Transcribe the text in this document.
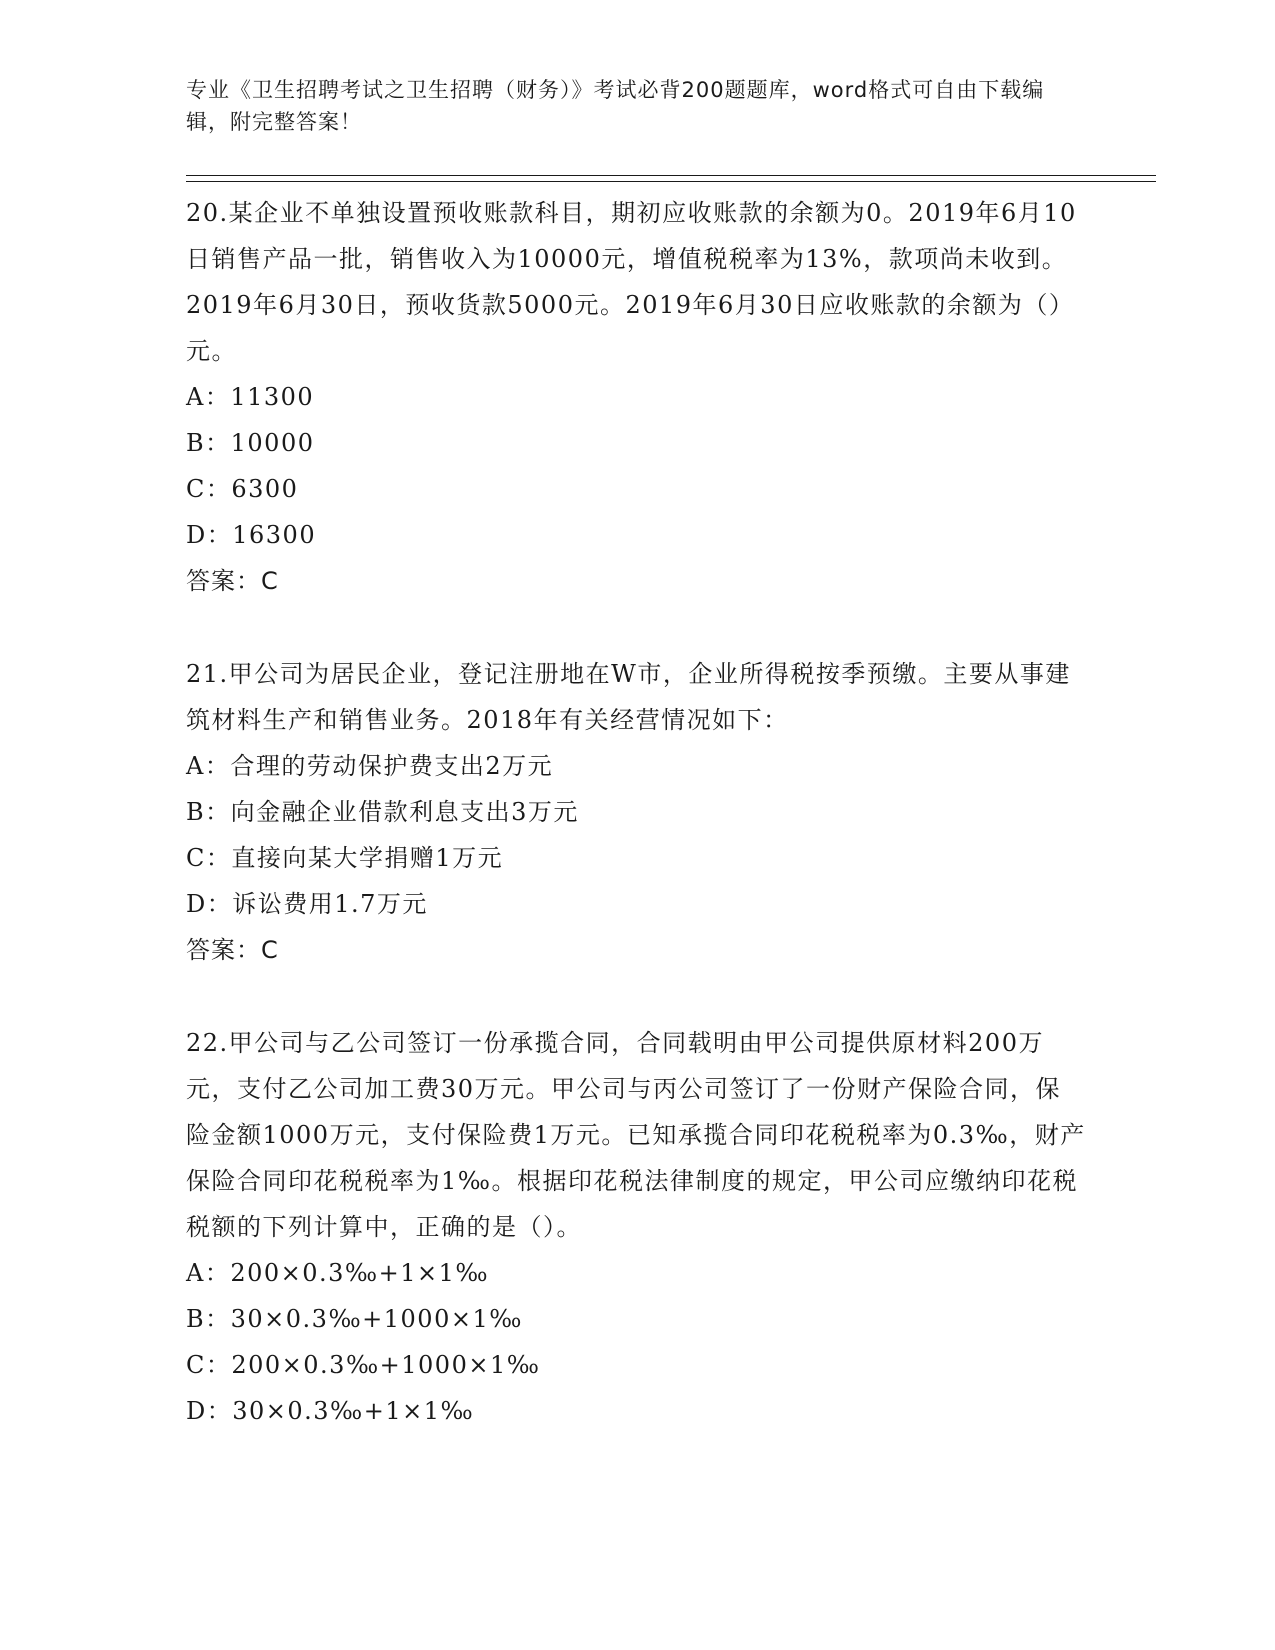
专业《卫生招聘考试之卫生招聘（财务）》考试必背200题题库，word格式可自由下载编辑，附完整答案！

20.某企业不单独设置预收账款科目，期初应收账款的余额为0。2019年6月10日销售产品一批，销售收入为10000元，增值税税率为13%，款项尚未收到。2019年6月30日，预收货款5000元。2019年6月30日应收账款的余额为（）元。

A：11300

B：10000

C：6300

D：16300

答案：C

21.甲公司为居民企业，登记注册地在W市，企业所得税按季预缴。主要从事建筑材料生产和销售业务。2018年有关经营情况如下：

A：合理的劳动保护费支出2万元

B：向金融企业借款利息支出3万元

C：直接向某大学捐赠1万元

D：诉讼费用1.7万元

答案：C

22.甲公司与乙公司签订一份承揽合同，合同载明由甲公司提供原材料200万元，支付乙公司加工费30万元。甲公司与丙公司签订了一份财产保险合同，保险金额1000万元，支付保险费1万元。已知承揽合同印花税税率为0.3‰，财产保险合同印花税税率为1‰。根据印花税法律制度的规定，甲公司应缴纳印花税税额的下列计算中，正确的是（）。

A：200×0.3‰+1×1‰

B：30×0.3‰+1000×1‰

C：200×0.3‰+1000×1‰

D：30×0.3‰+1×1‰
